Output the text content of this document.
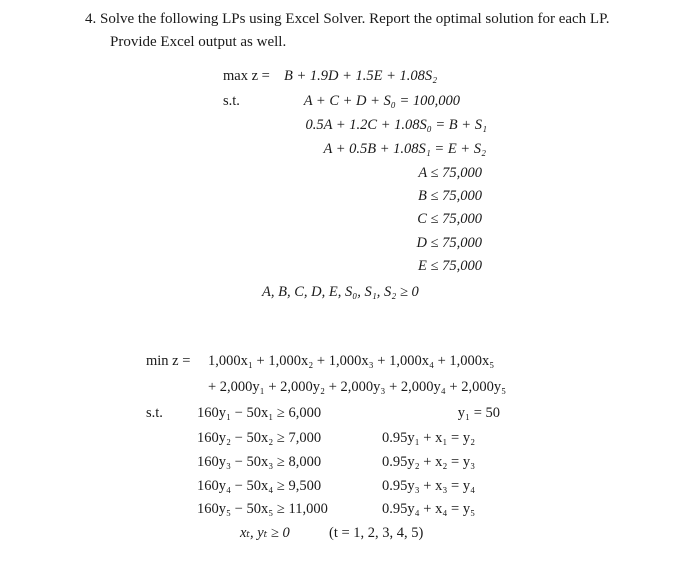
4. Solve the following LPs using Excel Solver. Report the optimal solution for each LP.
Provide Excel output as well.
max z = B + 1.9D + 1.5E + 1.08S₂
s.t.	A + C + D + S₀ = 100,000
0.5A + 1.2C + 1.08S₀ = B + S₁
A + 0.5B + 1.08S₁ = E + S₂
A ≤ 75,000
B ≤ 75,000
C ≤ 75,000
D ≤ 75,000
E ≤ 75,000
A, B, C, D, E, S₀, S₁, S₂ ≥ 0
min z = 1,000x₁ + 1,000x₂ + 1,000x₃ + 1,000x₄ + 1,000x₅
+ 2,000y₁ + 2,000y₂ + 2,000y₃ + 2,000y₄ + 2,000y₅
s.t. 160y₁ − 50x₁ ≥ 6,000
160y₂ − 50x₂ ≥ 7,000
160y₃ − 50x₃ ≥ 8,000
160y₄ − 50x₄ ≥ 9,500
160y₅ − 50x₅ ≥ 11,000
y₁ = 50
0.95y₁ + x₁ = y₂
0.95y₂ + x₂ = y₃
0.95y₃ + x₃ = y₄
0.95y₄ + x₄ = y₅
xₜ, yₜ ≥ 0	(t = 1, 2, 3, 4, 5)
